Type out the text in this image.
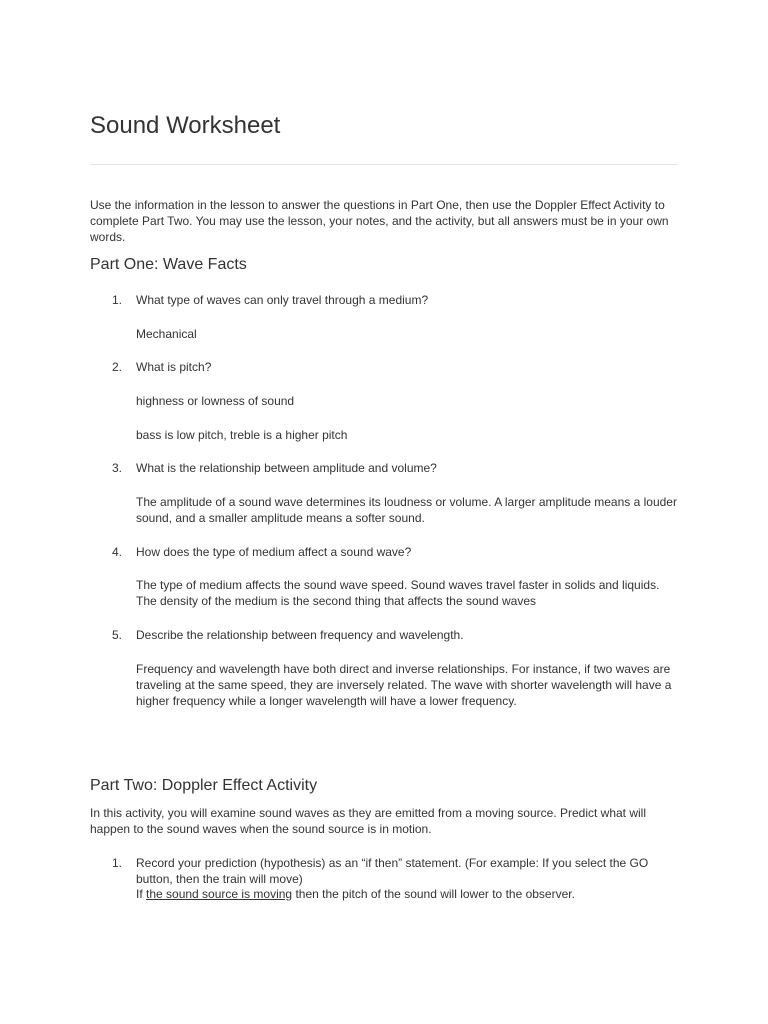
Sound Worksheet

Use the information in the lesson to answer the questions in Part One, then use the Doppler Effect Activity to complete Part Two. You may use the lesson, your notes, and the activity, but all answers must be in your own words.

Part One: Wave Facts
1. What type of waves can only travel through a medium?

Mechanical

2. What is pitch?

highness or lowness of sound

bass is low pitch, treble is a higher pitch

3. What is the relationship between amplitude and volume?

The amplitude of a sound wave determines its loudness or volume. A larger amplitude means a louder sound, and a smaller amplitude means a softer sound.

4. How does the type of medium affect a sound wave?

The type of medium affects the sound wave speed. Sound waves travel faster in solids and liquids. The density of the medium is the second thing that affects the sound waves

5. Describe the relationship between frequency and wavelength.

Frequency and wavelength have both direct and inverse relationships. For instance, if two waves are traveling at the same speed, they are inversely related. The wave with shorter wavelength will have a higher frequency while a longer wavelength will have a lower frequency.

Part Two: Doppler Effect Activity

In this activity, you will examine sound waves as they are emitted from a moving source. Predict what will happen to the sound waves when the sound source is in motion.

1. Record your prediction (hypothesis) as an “if then” statement. (For example: If you select the GO button, then the train will move)

If the sound source is moving then the pitch of the sound will lower to the observer.
